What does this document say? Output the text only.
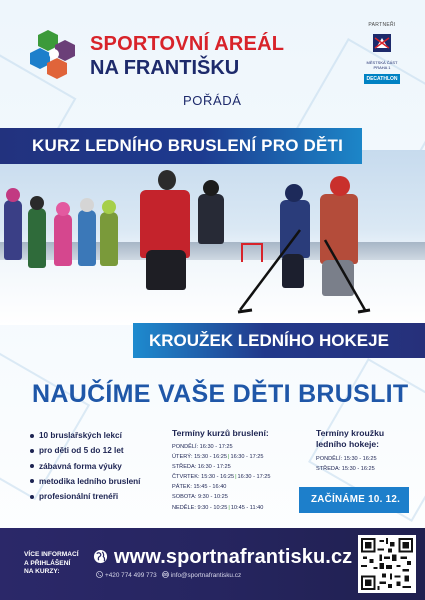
SPORTOVNÍ AREÁL
NA FRANTIŠKU
POŘÁDÁ
PARTNEŘI
MĚSTSKÁ ČÁST
PRAHA 1
DECATHLON
KURZ LEDNÍHO BRUSLENÍ PRO DĚTI
KROUŽEK LEDNÍHO HOKEJE
NAUČÍME VAŠE DĚTI BRUSLIT
10 bruslařských lekcí
pro děti od 5 do 12 let
zábavná forma výuky
metodika ledního bruslení
profesionální trenéři
Termíny kurzů bruslení:
PONDĚLÍ: 16:30 - 17:25
ÚTERÝ: 15:30 - 16:25|16:30 - 17:25
STŘEDA: 16:30 - 17:25
ČTVRTEK: 15:30 - 16:25|16:30 - 17:25
PÁTEK: 15:45 - 16:40
SOBOTA: 9:30 - 10:25
NEDĚLE: 9:30 - 10:25|10:45 - 11:40
Termíny kroužku
ledního hokeje:
PONDĚLÍ: 15:30 - 16:25
STŘEDA: 15:30 - 16:25
ZAČÍNÁME 10. 12.
VÍCE INFORMACÍ
A PŘIHLÁŠENÍ
NA KURZY:
www.sportnafrantisku.cz
+420 774 499 773 info@sportnafrantisku.cz
